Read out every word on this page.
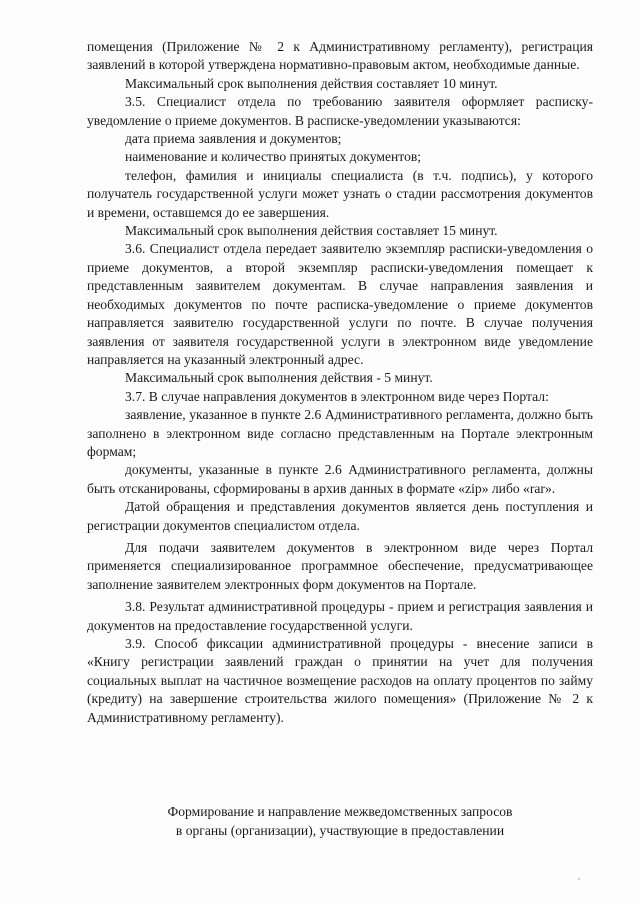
помещения (Приложение № 2 к Административному регламенту), регистрация заявлений в которой утверждена нормативно-правовым актом, необходимые данные.

Максимальный срок выполнения действия составляет 10 минут.

3.5. Специалист отдела по требованию заявителя оформляет расписку-уведомление о приеме документов. В расписке-уведомлении указываются:

дата приема заявления и документов;

наименование и количество принятых документов;

телефон, фамилия и инициалы специалиста (в т.ч. подпись), у которого получатель государственной услуги может узнать о стадии рассмотрения документов и времени, оставшемся до ее завершения.

Максимальный срок выполнения действия составляет 15 минут.

3.6. Специалист отдела передает заявителю экземпляр расписки-уведомления о приеме документов, а второй экземпляр расписки-уведомления помещает к представленным заявителем документам. В случае направления заявления и необходимых документов по почте расписка-уведомление о приеме документов направляется заявителю государственной услуги по почте. В случае получения заявления от заявителя государственной услуги в электронном виде уведомление направляется на указанный электронный адрес.

Максимальный срок выполнения действия - 5 минут.

3.7. В случае направления документов в электронном виде через Портал:

заявление, указанное в пункте 2.6 Административного регламента, должно быть заполнено в электронном виде согласно представленным на Портале электронным формам;

документы, указанные в пункте 2.6 Административного регламента, должны быть отсканированы, сформированы в архив данных в формате «zip» либо «rar».

Датой обращения и представления документов является день поступления и регистрации документов специалистом отдела.

Для подачи заявителем документов в электронном виде через Портал применяется специализированное программное обеспечение, предусматривающее заполнение заявителем электронных форм документов на Портале.

3.8. Результат административной процедуры - прием и регистрация заявления и документов на предоставление государственной услуги.

3.9. Способ фиксации административной процедуры - внесение записи в «Книгу регистрации заявлений граждан о принятии на учет для получения социальных выплат на частичное возмещение расходов на оплату процентов по займу (кредиту) на завершение строительства жилого помещения» (Приложение № 2 к Административному регламенту).

Формирование и направление межведомственных запросов

в органы (организации), участвующие в предоставлении
